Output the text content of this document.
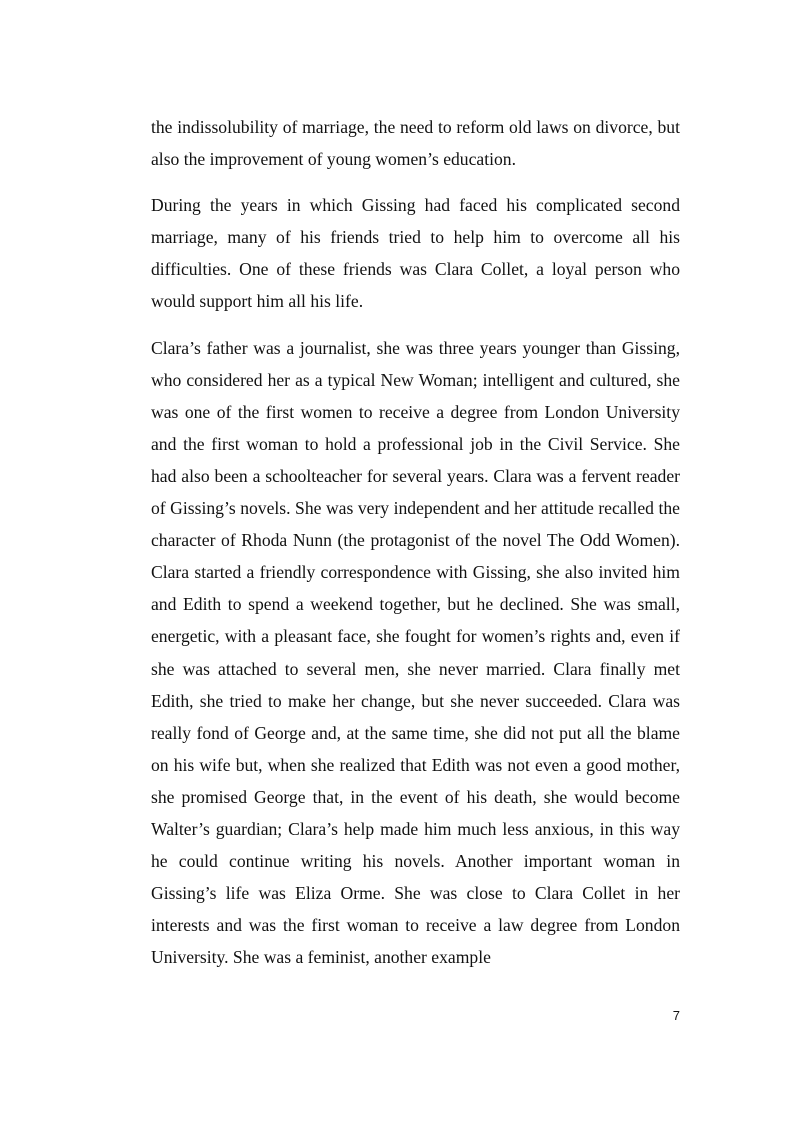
the indissolubility of marriage, the need to reform old laws on divorce, but also the improvement of young women’s education.

During the years in which Gissing had faced his complicated second marriage, many of his friends tried to help him to overcome all his difficulties. One of these friends was Clara Collet, a loyal person who would support him all his life.

Clara’s father was a journalist, she was three years younger than Gissing, who considered her as a typical New Woman; intelligent and cultured, she was one of the first women to receive a degree from London University and the first woman to hold a professional job in the Civil Service. She had also been a schoolteacher for several years. Clara was a fervent reader of Gissing’s novels. She was very independent and her attitude recalled the character of Rhoda Nunn (the protagonist of the novel The Odd Women). Clara started a friendly correspondence with Gissing, she also invited him and Edith to spend a weekend together, but he declined. She was small, energetic, with a pleasant face, she fought for women’s rights and, even if she was attached to several men, she never married. Clara finally met Edith, she tried to make her change, but she never succeeded. Clara was really fond of George and, at the same time, she did not put all the blame on his wife but, when she realized that Edith was not even a good mother, she promised George that, in the event of his death, she would become Walter’s guardian; Clara’s help made him much less anxious, in this way he could continue writing his novels. Another important woman in Gissing’s life was Eliza Orme. She was close to Clara Collet in her interests and was the first woman to receive a law degree from London University. She was a feminist, another example

7
